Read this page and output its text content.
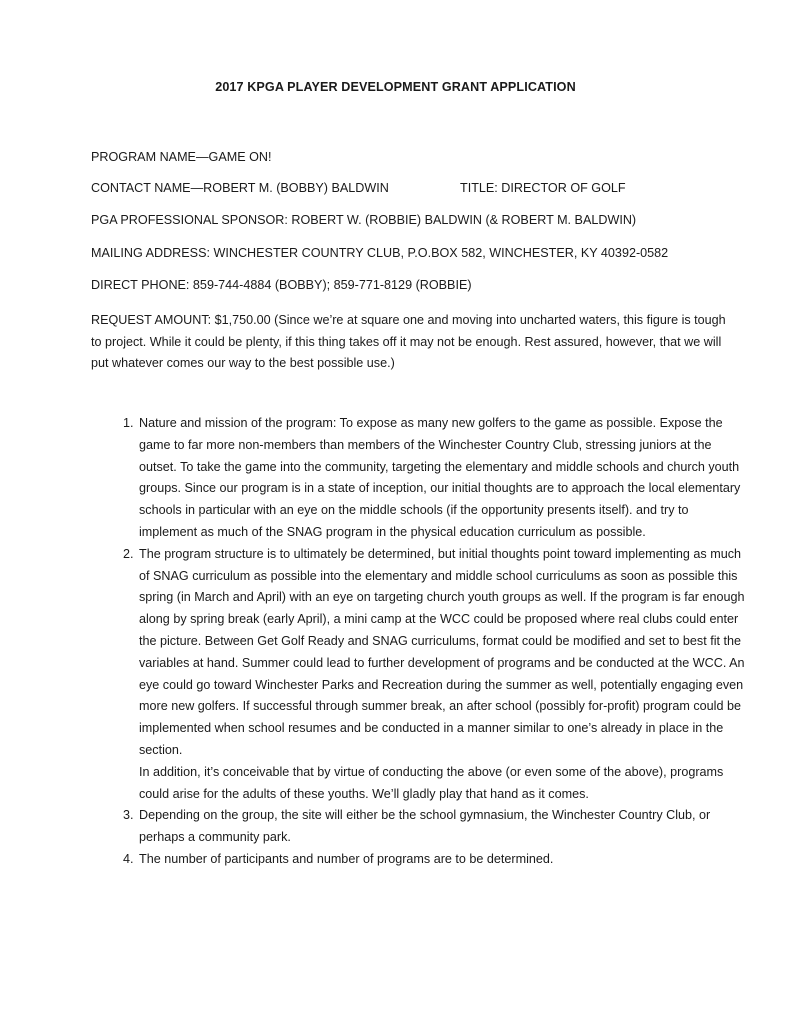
2017 KPGA PLAYER DEVELOPMENT GRANT APPLICATION
PROGRAM NAME—GAME ON!
CONTACT NAME—ROBERT M. (BOBBY) BALDWIN	TITLE: DIRECTOR OF GOLF
PGA PROFESSIONAL SPONSOR: ROBERT W. (ROBBIE) BALDWIN (& ROBERT M. BALDWIN)
MAILING ADDRESS: WINCHESTER COUNTRY CLUB, P.O.BOX 582, WINCHESTER, KY 40392-0582
DIRECT PHONE: 859-744-4884 (BOBBY); 859-771-8129 (ROBBIE)
REQUEST AMOUNT: $1,750.00 (Since we’re at square one and moving into uncharted waters, this figure is tough to project. While it could be plenty, if this thing takes off it may not be enough. Rest assured, however, that we will put whatever comes our way to the best possible use.)

1. Nature and mission of the program: To expose as many new golfers to the game as possible. Expose the game to far more non-members than members of the Winchester Country Club, stressing juniors at the outset. To take the game into the community, targeting the elementary and middle schools and church youth groups. Since our program is in a state of inception, our initial thoughts are to approach the local elementary schools in particular with an eye on the middle schools (if the opportunity presents itself). and try to implement as much of the SNAG program in the physical education curriculum as possible.

2. The program structure is to ultimately be determined, but initial thoughts point toward implementing as much of SNAG curriculum as possible into the elementary and middle school curriculums as soon as possible this spring (in March and April) with an eye on targeting church youth groups as well. If the program is far enough along by spring break (early April), a mini camp at the WCC could be proposed where real clubs could enter the picture. Between Get Golf Ready and SNAG curriculums, format could be modified and set to best fit the variables at hand. Summer could lead to further development of programs and be conducted at the WCC. An eye could go toward Winchester Parks and Recreation during the summer as well, potentially engaging even more new golfers. If successful through summer break, an after school (possibly for-profit) program could be implemented when school resumes and be conducted in a manner similar to one’s already in place in the section.

In addition, it’s conceivable that by virtue of conducting the above (or even some of the above), programs could arise for the adults of these youths. We’ll gladly play that hand as it comes.

3. Depending on the group, the site will either be the school gymnasium, the Winchester Country Club, or perhaps a community park.

4. The number of participants and number of programs are to be determined.
